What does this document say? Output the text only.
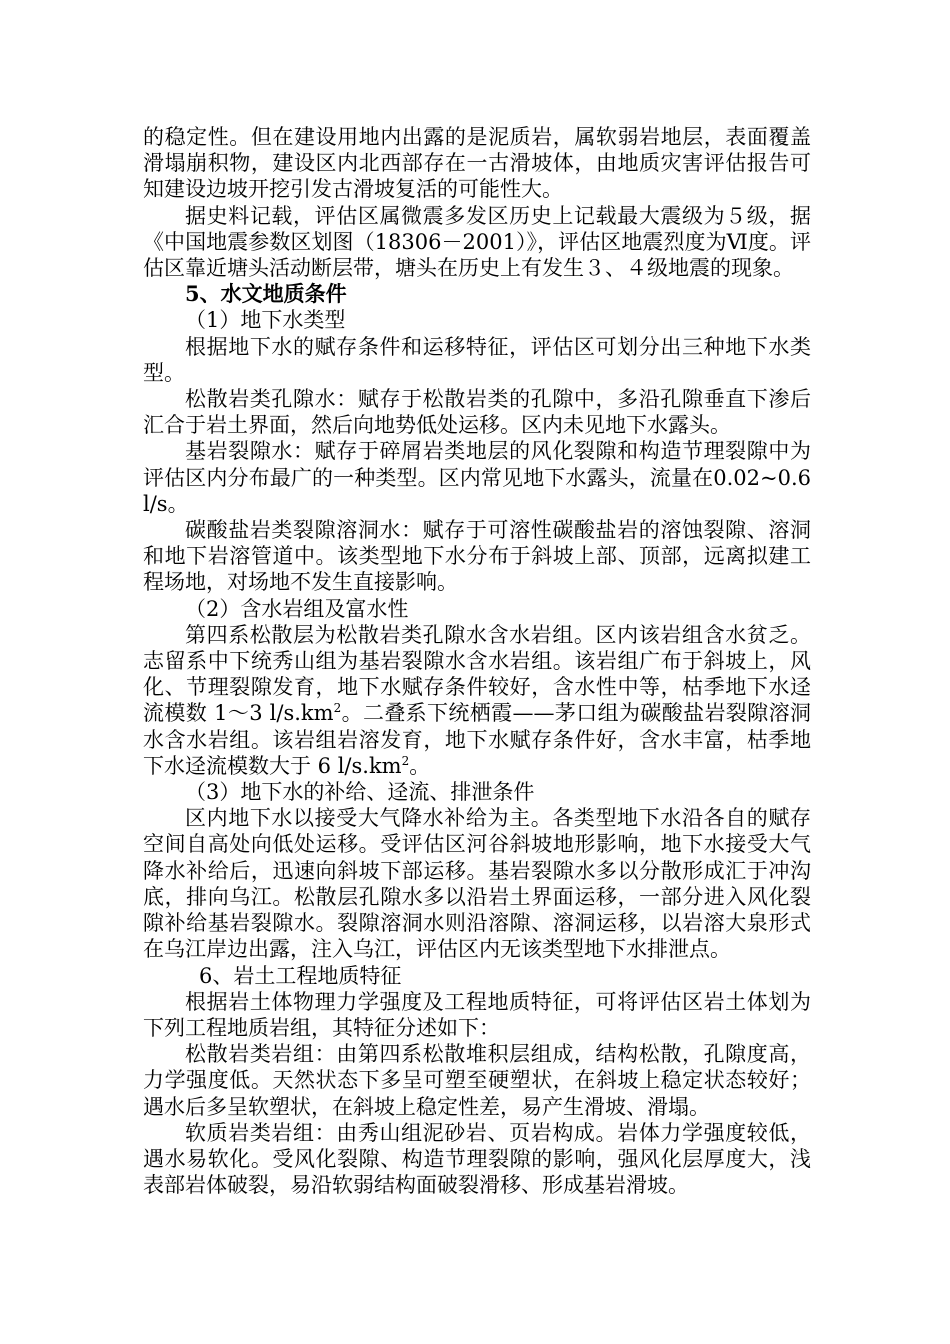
的稳定性。但在建设用地内出露的是泥质岩，属软弱岩地层，表面覆盖滑塌崩积物，建设区内北西部存在一古滑坡体，由地质灾害评估报告可知建设边坡开挖引发古滑坡复活的可能性大。

据史料记载，评估区属微震多发区历史上记载最大震级为５级，据《中国地震参数区划图（18306－2001）》，评估区地震烈度为Ⅵ度。评估区靠近塘头活动断层带，塘头在历史上有发生３、４级地震的现象。

5、水文地质条件

（1）地下水类型

根据地下水的赋存条件和运移特征，评估区可划分出三种地下水类型。

松散岩类孔隙水：赋存于松散岩类的孔隙中，多沿孔隙垂直下渗后汇合于岩土界面，然后向地势低处运移。区内未见地下水露头。

基岩裂隙水：赋存于碎屑岩类地层的风化裂隙和构造节理裂隙中为评估区内分布最广的一种类型。区内常见地下水露头，流量在0.02~0.6 l/s。

碳酸盐岩类裂隙溶洞水：赋存于可溶性碳酸盐岩的溶蚀裂隙、溶洞和地下岩溶管道中。该类型地下水分布于斜坡上部、顶部，远离拟建工程场地，对场地不发生直接影响。

（2）含水岩组及富水性

第四系松散层为松散岩类孔隙水含水岩组。区内该岩组含水贫乏。志留系中下统秀山组为基岩裂隙水含水岩组。该岩组广布于斜坡上，风化、节理裂隙发育，地下水赋存条件较好，含水性中等，枯季地下水迳流模数 1～3 $l/s.km^2$。二叠系下统栖霞——茅口组为碳酸盐岩裂隙溶洞水含水岩组。该岩组岩溶发育，地下水赋存条件好，含水丰富，枯季地下水迳流模数大于 6 $l/s.km^2$。

（3）地下水的补给、迳流、排泄条件

区内地下水以接受大气降水补给为主。各类型地下水沿各自的赋存空间自高处向低处运移。受评估区河谷斜坡地形影响，地下水接受大气降水补给后，迅速向斜坡下部运移。基岩裂隙水多以分散形成汇于冲沟底，排向乌江。松散层孔隙水多以沿岩土界面运移，一部分进入风化裂隙补给基岩裂隙水。裂隙溶洞水则沿溶隙、溶洞运移，以岩溶大泉形式在乌江岸边出露，注入乌江，评估区内无该类型地下水排泄点。

6、岩土工程地质特征

根据岩土体物理力学强度及工程地质特征，可将评估区岩土体划为下列工程地质岩组，其特征分述如下：

松散岩类岩组：由第四系松散堆积层组成，结构松散，孔隙度高，力学强度低。天然状态下多呈可塑至硬塑状，在斜坡上稳定状态较好；遇水后多呈软塑状，在斜坡上稳定性差，易产生滑坡、滑塌。

软质岩类岩组：由秀山组泥砂岩、页岩构成。岩体力学强度较低，遇水易软化。受风化裂隙、构造节理裂隙的影响，强风化层厚度大，浅表部岩体破裂，易沿软弱结构面破裂滑移、形成基岩滑坡。
